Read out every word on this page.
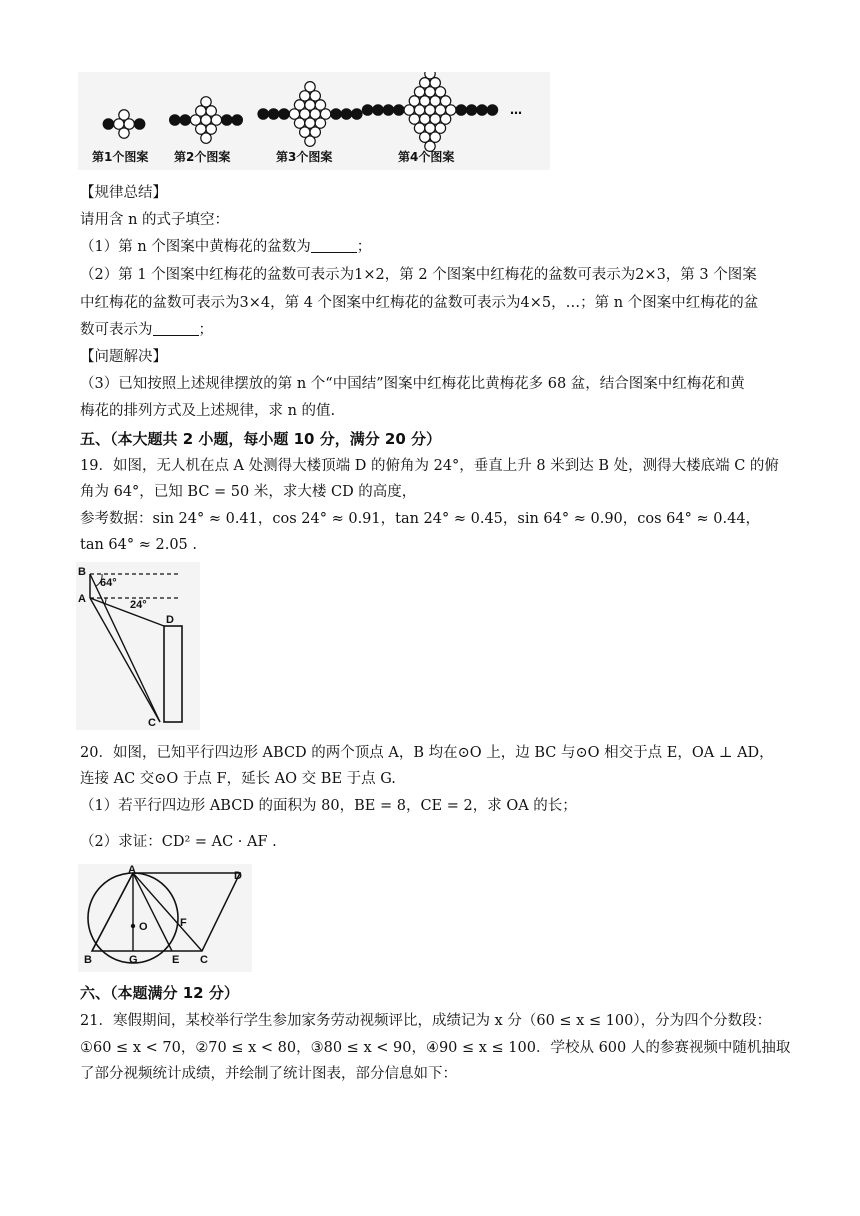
第1个图案 第2个图案	第3个图案	第4个图案
…
【规律总结】
请用含 n 的式子填空：
（1）第 n 个图案中黄梅花的盆数为	；
（2）第 1 个图案中红梅花的盆数可表示为1×2，第 2 个图案中红梅花的盆数可表示为2×3，第 3 个图案
中红梅花的盆数可表示为3×4，第 4 个图案中红梅花的盆数可表示为4×5，…；第 n 个图案中红梅花的盆
数可表示为	；
【问题解决】
（3）已知按照上述规律摆放的第 n 个“中国结”图案中红梅花比黄梅花多 68 盆，结合图案中红梅花和黄
梅花的排列方式及上述规律，求 n 的值.
五、（本大题共 2 小题，每小题 10 分，满分 20 分）
19．如图，无人机在点 A 处测得大楼顶端 D 的俯角为 24°，垂直上升 8 米到达 B 处，测得大楼底端 C 的俯
角为 64°，已知 BC = 50 米，求大楼 CD 的高度，
参考数据：sin 24° ≈ 0.41，cos 24° ≈ 0.91，tan 24° ≈ 0.45，sin 64° ≈ 0.90，cos 64° ≈ 0.44，
tan 64° ≈ 2.05 .
B
A
D
C
64°
24°
20．如图，已知平行四边形 ABCD 的两个顶点 A，B 均在⊙O 上，边 BC 与⊙O 相交于点 E，OA ⊥ AD，
连接 AC 交⊙O 于点 F，延长 AO 交 BE 于点 G.
（1）若平行四边形 ABCD 的面积为 80，BE = 8，CE = 2，求 OA 的长；
（2）求证：CD² = AC · AF .
A	D
O	F
B	G	E C
六、（本题满分 12 分）
21．寒假期间，某校举行学生参加家务劳动视频评比，成绩记为 x 分（60 ≤ x ≤ 100），分为四个分数段：
①60 ≤ x < 70，②70 ≤ x < 80，③80 ≤ x < 90，④90 ≤ x ≤ 100．学校从 600 人的参赛视频中随机抽取
了部分视频统计成绩，并绘制了统计图表，部分信息如下：
